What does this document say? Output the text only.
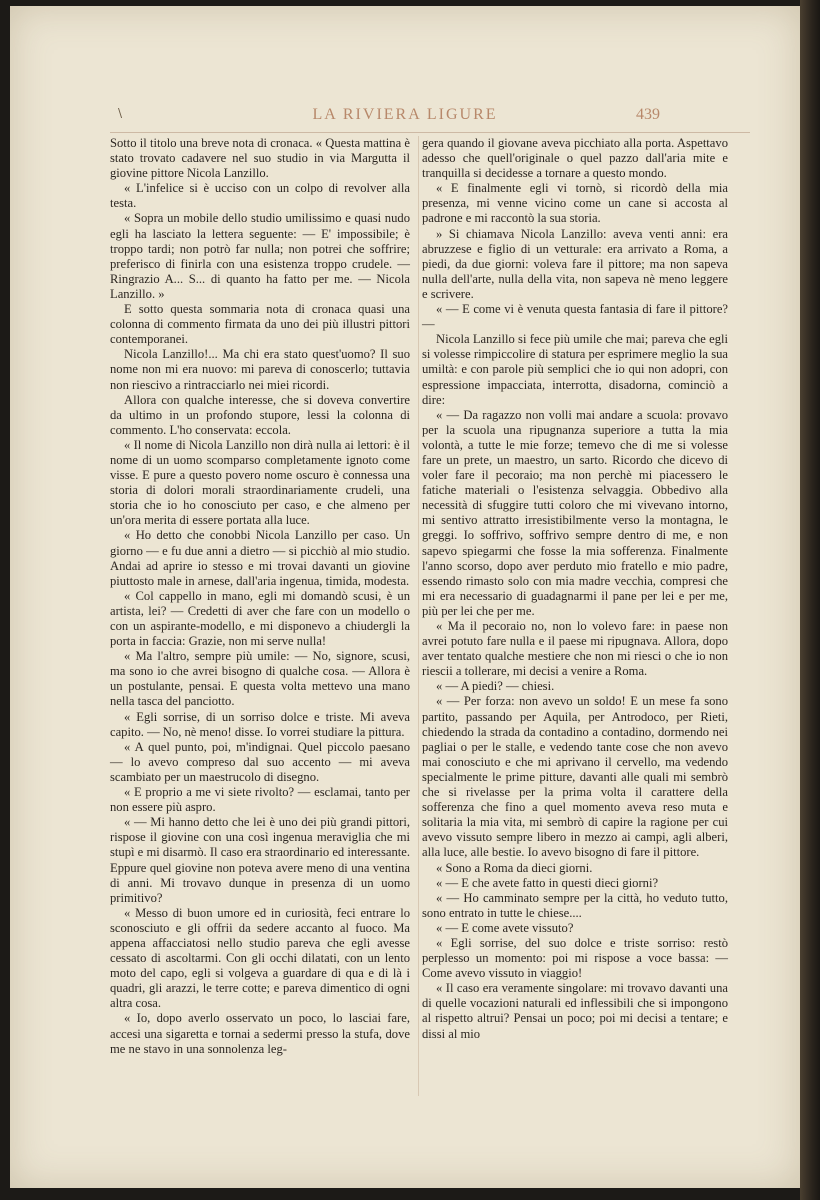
\	LA RIVIERA LIGURE	439

Sotto il titolo una breve nota di cronaca. « Questa mattina è stato trovato cadavere nel suo studio in via Margutta il giovine pittore Nicola Lanzillo.

« L'infelice si è ucciso con un colpo di revolver alla testa.

« Sopra un mobile dello studio umilissimo e quasi nudo egli ha lasciato la lettera seguente: — E' impossibile; è troppo tardi; non potrò far nulla; non potrei che soffrire; preferisco di finirla con una esistenza troppo crudele. — Ringrazio A... S... di quanto ha fatto per me. — Nicola Lanzillo. »

E sotto questa sommaria nota di cronaca quasi una colonna di commento firmata da uno dei più illustri pittori contemporanei.

Nicola Lanzillo!... Ma chi era stato quest'uomo? Il suo nome non mi era nuovo: mi pareva di conoscerlo; tuttavia non riescivo a rintracciarlo nei miei ricordi.

Allora con qualche interesse, che si doveva convertire da ultimo in un profondo stupore, lessi la colonna di commento. L'ho conservata: eccola.

« Il nome di Nicola Lanzillo non dirà nulla ai lettori: è il nome di un uomo scomparso completamente ignoto come visse. E pure a questo povero nome oscuro è connessa una storia di dolori morali straordinariamente crudeli, una storia che io ho conosciuto per caso, e che almeno per un'ora merita di essere portata alla luce.

« Ho detto che conobbi Nicola Lanzillo per caso. Un giorno — e fu due anni a dietro — si picchiò al mio studio. Andai ad aprire io stesso e mi trovai davanti un giovine piuttosto male in arnese, dall'aria ingenua, timida, modesta.

« Col cappello in mano, egli mi domandò scusi, è un artista, lei? — Credetti di aver che fare con un modello o con un aspirante-modello, e mi disponevo a chiudergli la porta in faccia: Grazie, non mi serve nulla!

« Ma l'altro, sempre più umile: — No, signore, scusi, ma sono io che avrei bisogno di qualche cosa. — Allora è un postulante, pensai. E questa volta mettevo una mano nella tasca del panciotto.

« Egli sorrise, di un sorriso dolce e triste. Mi aveva capito. — No, nè meno! disse. Io vorrei studiare la pittura.

« A quel punto, poi, m'indignai. Quel piccolo paesano — lo avevo compreso dal suo accento — mi aveva scambiato per un maestrucolo di disegno.

« E proprio a me vi siete rivolto? — esclamai, tanto per non essere più aspro.

« — Mi hanno detto che lei è uno dei più grandi pittori, rispose il giovine con una così ingenua meraviglia che mi stupì e mi disarmò. Il caso era straordinario ed interessante. Eppure quel giovine non poteva avere meno di una ventina di anni. Mi trovavo dunque in presenza di un uomo primitivo?

« Messo di buon umore ed in curiosità, feci entrare lo sconosciuto e gli offrii da sedere accanto al fuoco. Ma appena affacciatosi nello studio pareva che egli avesse cessato di ascoltarmi. Con gli occhi dilatati, con un lento moto del capo, egli si volgeva a guardare di qua e di là i quadri, gli arazzi, le terre cotte; e pareva dimentico di ogni altra cosa.

« Io, dopo averlo osservato un poco, lo lasciai fare, accesi una sigaretta e tornai a sedermi presso la stufa, dove me ne stavo in una sonnolenza leg-

gera quando il giovane aveva picchiato alla porta. Aspettavo adesso che quell'originale o quel pazzo dall'aria mite e tranquilla si decidesse a tornare a questo mondo.

« E finalmente egli vi tornò, si ricordò della mia presenza, mi venne vicino come un cane si accosta al padrone e mi raccontò la sua storia.

» Si chiamava Nicola Lanzillo: aveva venti anni: era abruzzese e figlio di un vetturale: era arrivato a Roma, a piedi, da due giorni: voleva fare il pittore; ma non sapeva nulla dell'arte, nulla della vita, non sapeva nè meno leggere e scrivere.

« — E come vi è venuta questa fantasia di fare il pittore? —

Nicola Lanzillo si fece più umile che mai; pareva che egli si volesse rimpiccolire di statura per esprimere meglio la sua umiltà: e con parole più semplici che io qui non adopri, con espressione impacciata, interrotta, disadorna, cominciò a dire:

« — Da ragazzo non volli mai andare a scuola: provavo per la scuola una ripugnanza superiore a tutta la mia volontà, a tutte le mie forze; temevo che di me si volesse fare un prete, un maestro, un sarto. Ricordo che dicevo di voler fare il pecoraio; ma non perchè mi piacessero le fatiche materiali o l'esistenza selvaggia. Obbedivo alla necessità di sfuggire tutti coloro che mi vivevano intorno, mi sentivo attratto irresistibilmente verso la montagna, le greggi. Io soffrivo, soffrivo sempre dentro di me, e non sapevo spiegarmi che fosse la mia sofferenza. Finalmente l'anno scorso, dopo aver perduto mio fratello e mio padre, essendo rimasto solo con mia madre vecchia, compresi che mi era necessario di guadagnarmi il pane per lei e per me, più per lei che per me.

« Ma il pecoraio no, non lo volevo fare: in paese non avrei potuto fare nulla e il paese mi ripugnava. Allora, dopo aver tentato qualche mestiere che non mi riesci o che io non riescii a tollerare, mi decisi a venire a Roma.

« — A piedi? — chiesi.

« — Per forza: non avevo un soldo! E un mese fa sono partito, passando per Aquila, per Antrodoco, per Rieti, chiedendo la strada da contadino a contadino, dormendo nei pagliai o per le stalle, e vedendo tante cose che non avevo mai conosciuto e che mi aprivano il cervello, ma vedendo specialmente le prime pitture, davanti alle quali mi sembrò che si rivelasse per la prima volta il carattere della sofferenza che fino a quel momento aveva reso muta e solitaria la mia vita, mi sembrò di capire la ragione per cui avevo vissuto sempre libero in mezzo ai campi, agli alberi, alla luce, alle bestie. Io avevo bisogno di fare il pittore.

« Sono a Roma da dieci giorni.

« — E che avete fatto in questi dieci giorni?

« — Ho camminato sempre per la città, ho veduto tutto, sono entrato in tutte le chiese....

« — E come avete vissuto?

« Egli sorrise, del suo dolce e triste sorriso: restò perplesso un momento: poi mi rispose a voce bassa: — Come avevo vissuto in viaggio!

« Il caso era veramente singolare: mi trovavo davanti una di quelle vocazioni naturali ed inflessibili che si impongono al rispetto altrui? Pensai un poco; poi mi decisi a tentare; e dissi al mio
